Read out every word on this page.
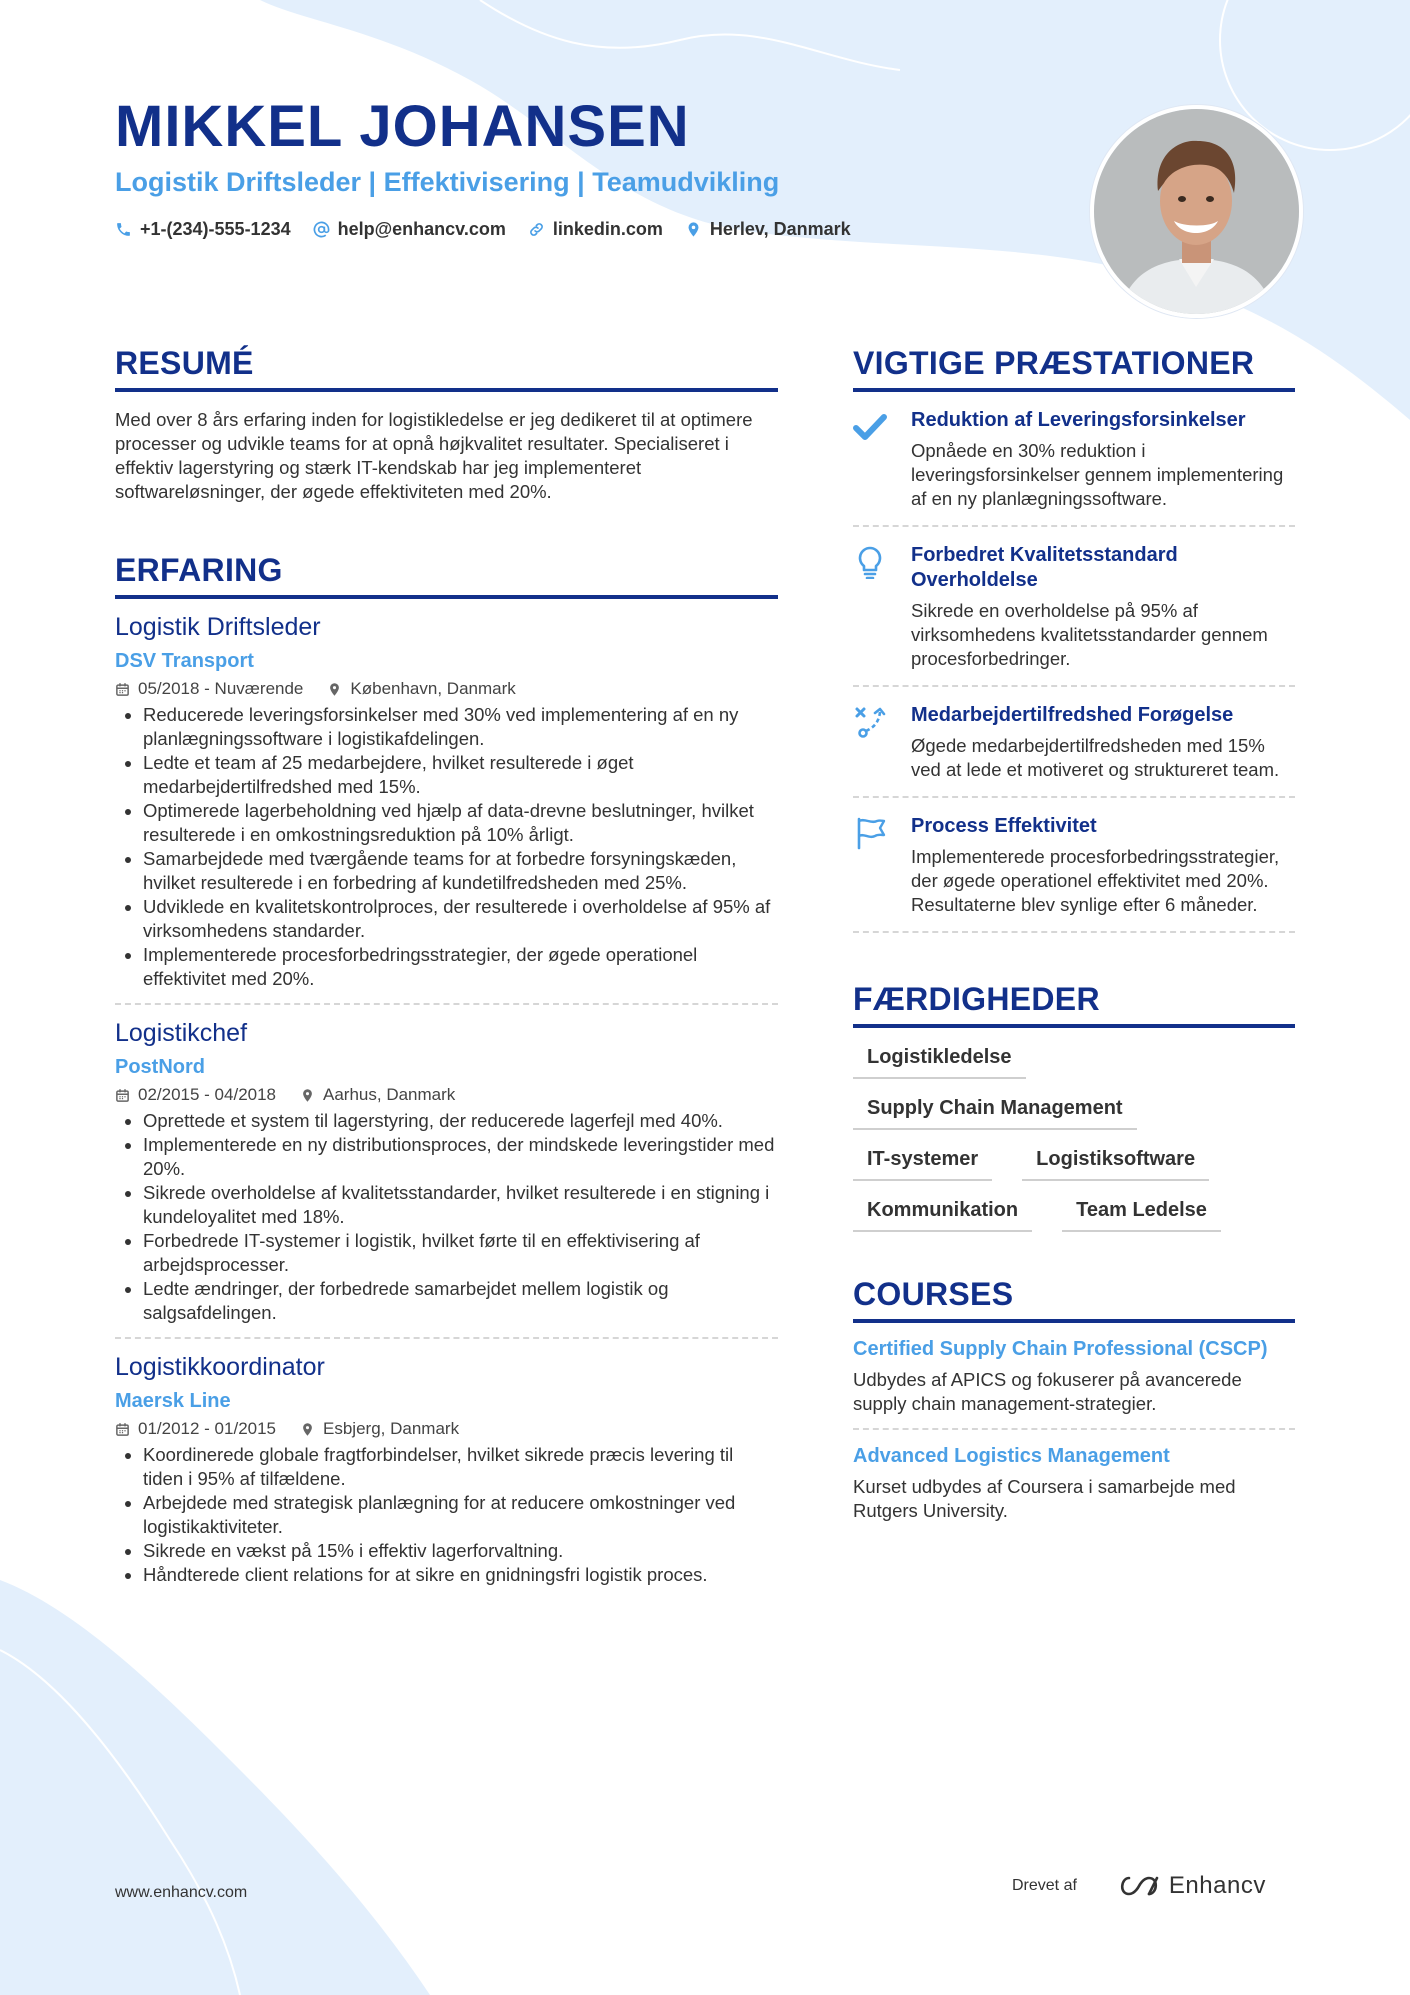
MIKKEL JOHANSEN

Logistik Driftsleder | Effektivisering | Teamudvikling

+1-(234)-555-1234	help@enhancv.com	linkedin.com	Herlev, Danmark
RESUMÉ

Med over 8 års erfaring inden for logistikledelse er jeg dedikeret til at optimere processer og udvikle teams for at opnå højkvalitet resultater. Specialiseret i effektiv lagerstyring og stærk IT-kendskab har jeg implementeret softwareløsninger, der øgede effektiviteten med 20%.

ERFARING

Logistik Driftsleder

DSV Transport

05/2018 - Nuværende	København, Danmark
• Reducerede leveringsforsinkelser med 30% ved implementering af en ny planlægningssoftware i logistikafdelingen.
• Ledte et team af 25 medarbejdere, hvilket resulterede i øget medarbejdertilfredshed med 15%.
• Optimerede lagerbeholdning ved hjælp af data-drevne beslutninger, hvilket resulterede i en omkostningsreduktion på 10% årligt.
• Samarbejdede med tværgående teams for at forbedre forsyningskæden, hvilket resulterede i en forbedring af kundetilfredsheden med 25%.
• Udviklede en kvalitetskontrolproces, der resulterede i overholdelse af 95% af virksomhedens standarder.
• Implementerede procesforbedringsstrategier, der øgede operationel effektivitet med 20%.

Logistikchef

PostNord

02/2015 - 04/2018	Aarhus, Danmark
• Oprettede et system til lagerstyring, der reducerede lagerfejl med 40%.
• Implementerede en ny distributionsproces, der mindskede leveringstider med 20%.
• Sikrede overholdelse af kvalitetsstandarder, hvilket resulterede i en stigning i kundeloyalitet med 18%.
• Forbedrede IT-systemer i logistik, hvilket førte til en effektivisering af arbejdsprocesser.
• Ledte ændringer, der forbedrede samarbejdet mellem logistik og salgsafdelingen.

Logistikkoordinator

Maersk Line

01/2012 - 01/2015	Esbjerg, Danmark
• Koordinerede globale fragtforbindelser, hvilket sikrede præcis levering til tiden i 95% af tilfældene.
• Arbejdede med strategisk planlægning for at reducere omkostninger ved logistikaktiviteter.
• Sikrede en vækst på 15% i effektiv lagerforvaltning.
• Håndterede client relations for at sikre en gnidningsfri logistik proces.
VIGTIGE PRÆSTATIONER

Reduktion af Leveringsforsinkelser

Opnåede en 30% reduktion i leveringsforsinkelser gennem implementering af en ny planlægningssoftware.

Forbedret Kvalitetsstandard Overholdelse

Sikrede en overholdelse på 95% af virksomhedens kvalitetsstandarder gennem procesforbedringer.

Medarbejdertilfredshed Forøgelse

Øgede medarbejdertilfredsheden med 15% ved at lede et motiveret og struktureret team.

Process Effektivitet

Implementerede procesforbedringsstrategier, der øgede operationel effektivitet med 20%. Resultaterne blev synlige efter 6 måneder.

FÆRDIGHEDER
Logistikledelse
Supply Chain Management
IT-systemer	Logistiksoftware
Kommunikation	Team Ledelse
COURSES

Certified Supply Chain Professional (CSCP)

Udbydes af APICS og fokuserer på avancerede supply chain management-strategier.

Advanced Logistics Management

Kurset udbydes af Coursera i samarbejde med Rutgers University.

www.enhancv.com	Drevet af	Enhancv
